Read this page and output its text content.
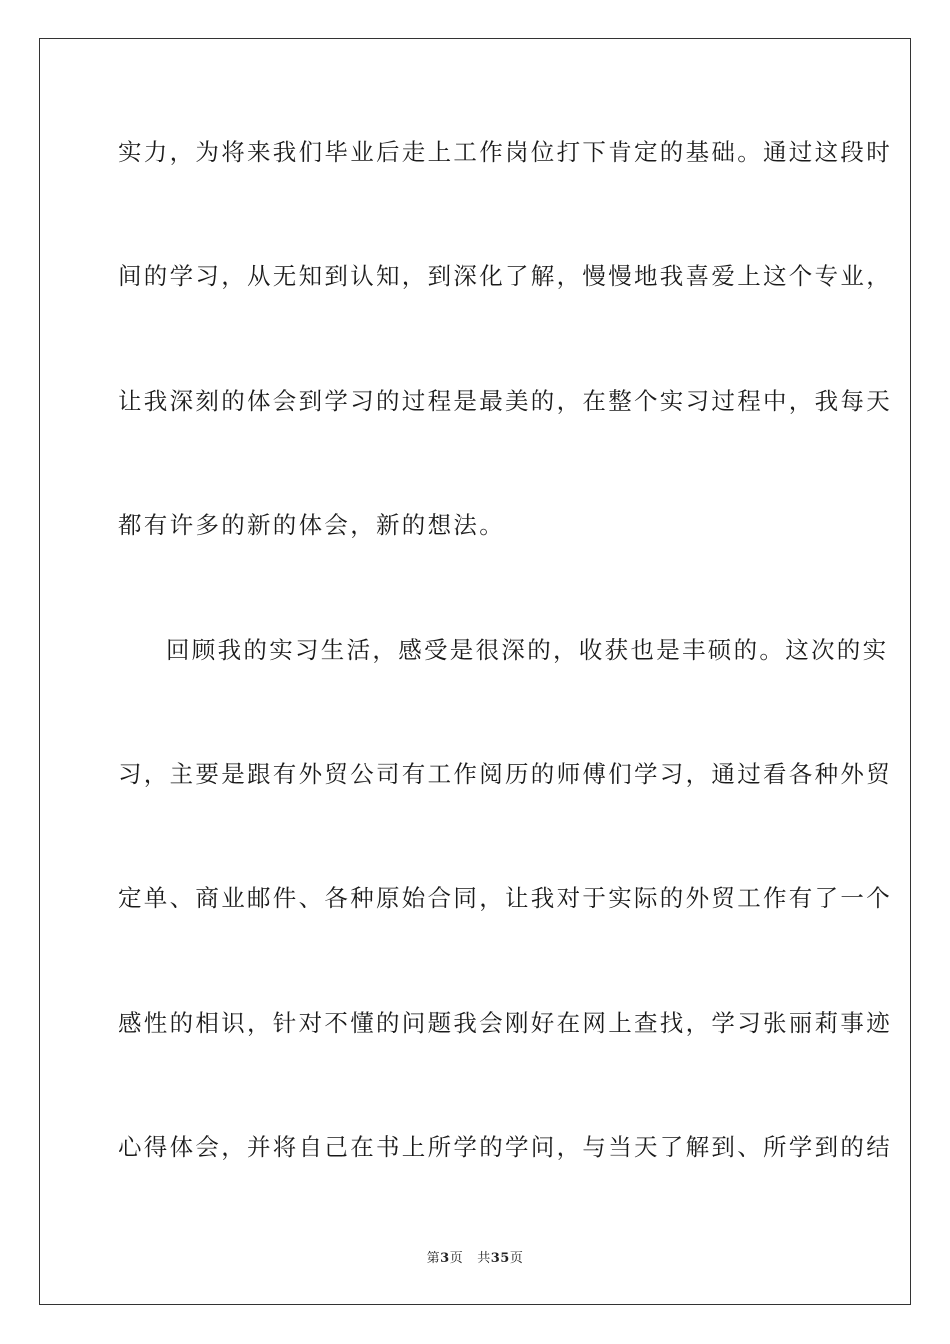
实力，为将来我们毕业后走上工作岗位打下肯定的基础。通过这段时
间的学习，从无知到认知，到深化了解，慢慢地我喜爱上这个专业，
让我深刻的体会到学习的过程是最美的，在整个实习过程中，我每天
都有许多的新的体会，新的想法。
回顾我的实习生活，感受是很深的，收获也是丰硕的。这次的实
习，主要是跟有外贸公司有工作阅历的师傅们学习，通过看各种外贸
定单、商业邮件、各种原始合同，让我对于实际的外贸工作有了一个
感性的相识，针对不懂的问题我会刚好在网上查找，学习张丽莉事迹
心得体会，并将自己在书上所学的学问，与当天了解到、所学到的结
第3页 共35页
